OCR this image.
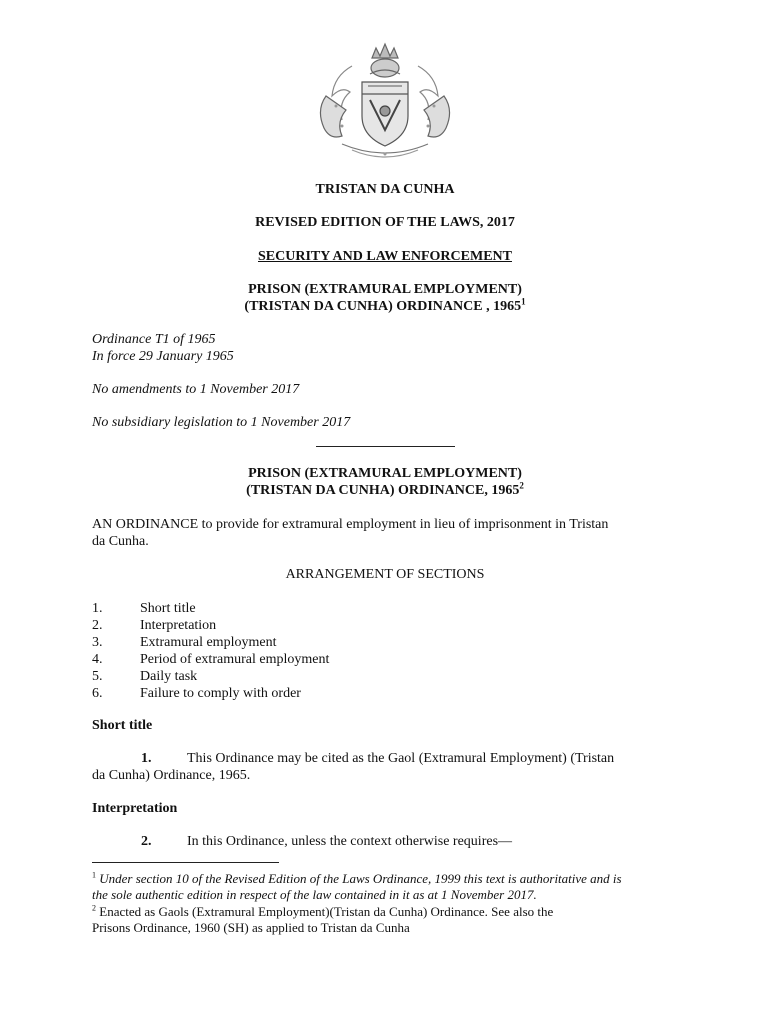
TRISTAN DA CUNHA
REVISED EDITION OF THE LAWS, 2017
SECURITY AND LAW ENFORCEMENT
PRISON (EXTRAMURAL EMPLOYMENT)
(TRISTAN DA CUNHA) ORDINANCE , 1965$^1$
Ordinance T1 of 1965
In force 29 January 1965
No amendments to 1 November 2017
No subsidiary legislation to 1 November 2017
PRISON (EXTRAMURAL EMPLOYMENT)
(TRISTAN DA CUNHA) ORDINANCE, 1965$^2$
AN ORDINANCE to provide for extramural employment in lieu of imprisonment in Tristan
da Cunha.
ARRANGEMENT OF SECTIONS
1.	Short title
2.	Interpretation
3.	Extramural employment
4.	Period of extramural employment
5.	Daily task
6.	Failure to comply with order
Short title
1.	This Ordinance may be cited as the Gaol (Extramural Employment) (Tristan
da Cunha) Ordinance, 1965.
Interpretation
2.	In this Ordinance, unless the context otherwise requires—
$^1$ Under section 10 of the Revised Edition of the Laws Ordinance, 1999 this text is authoritative and is
the sole authentic edition in respect of the law contained in it as at 1 November 2017.
$^2$ Enacted as Gaols (Extramural Employment)(Tristan da Cunha) Ordinance. See also the
Prisons Ordinance, 1960 (SH) as applied to Tristan da Cunha
